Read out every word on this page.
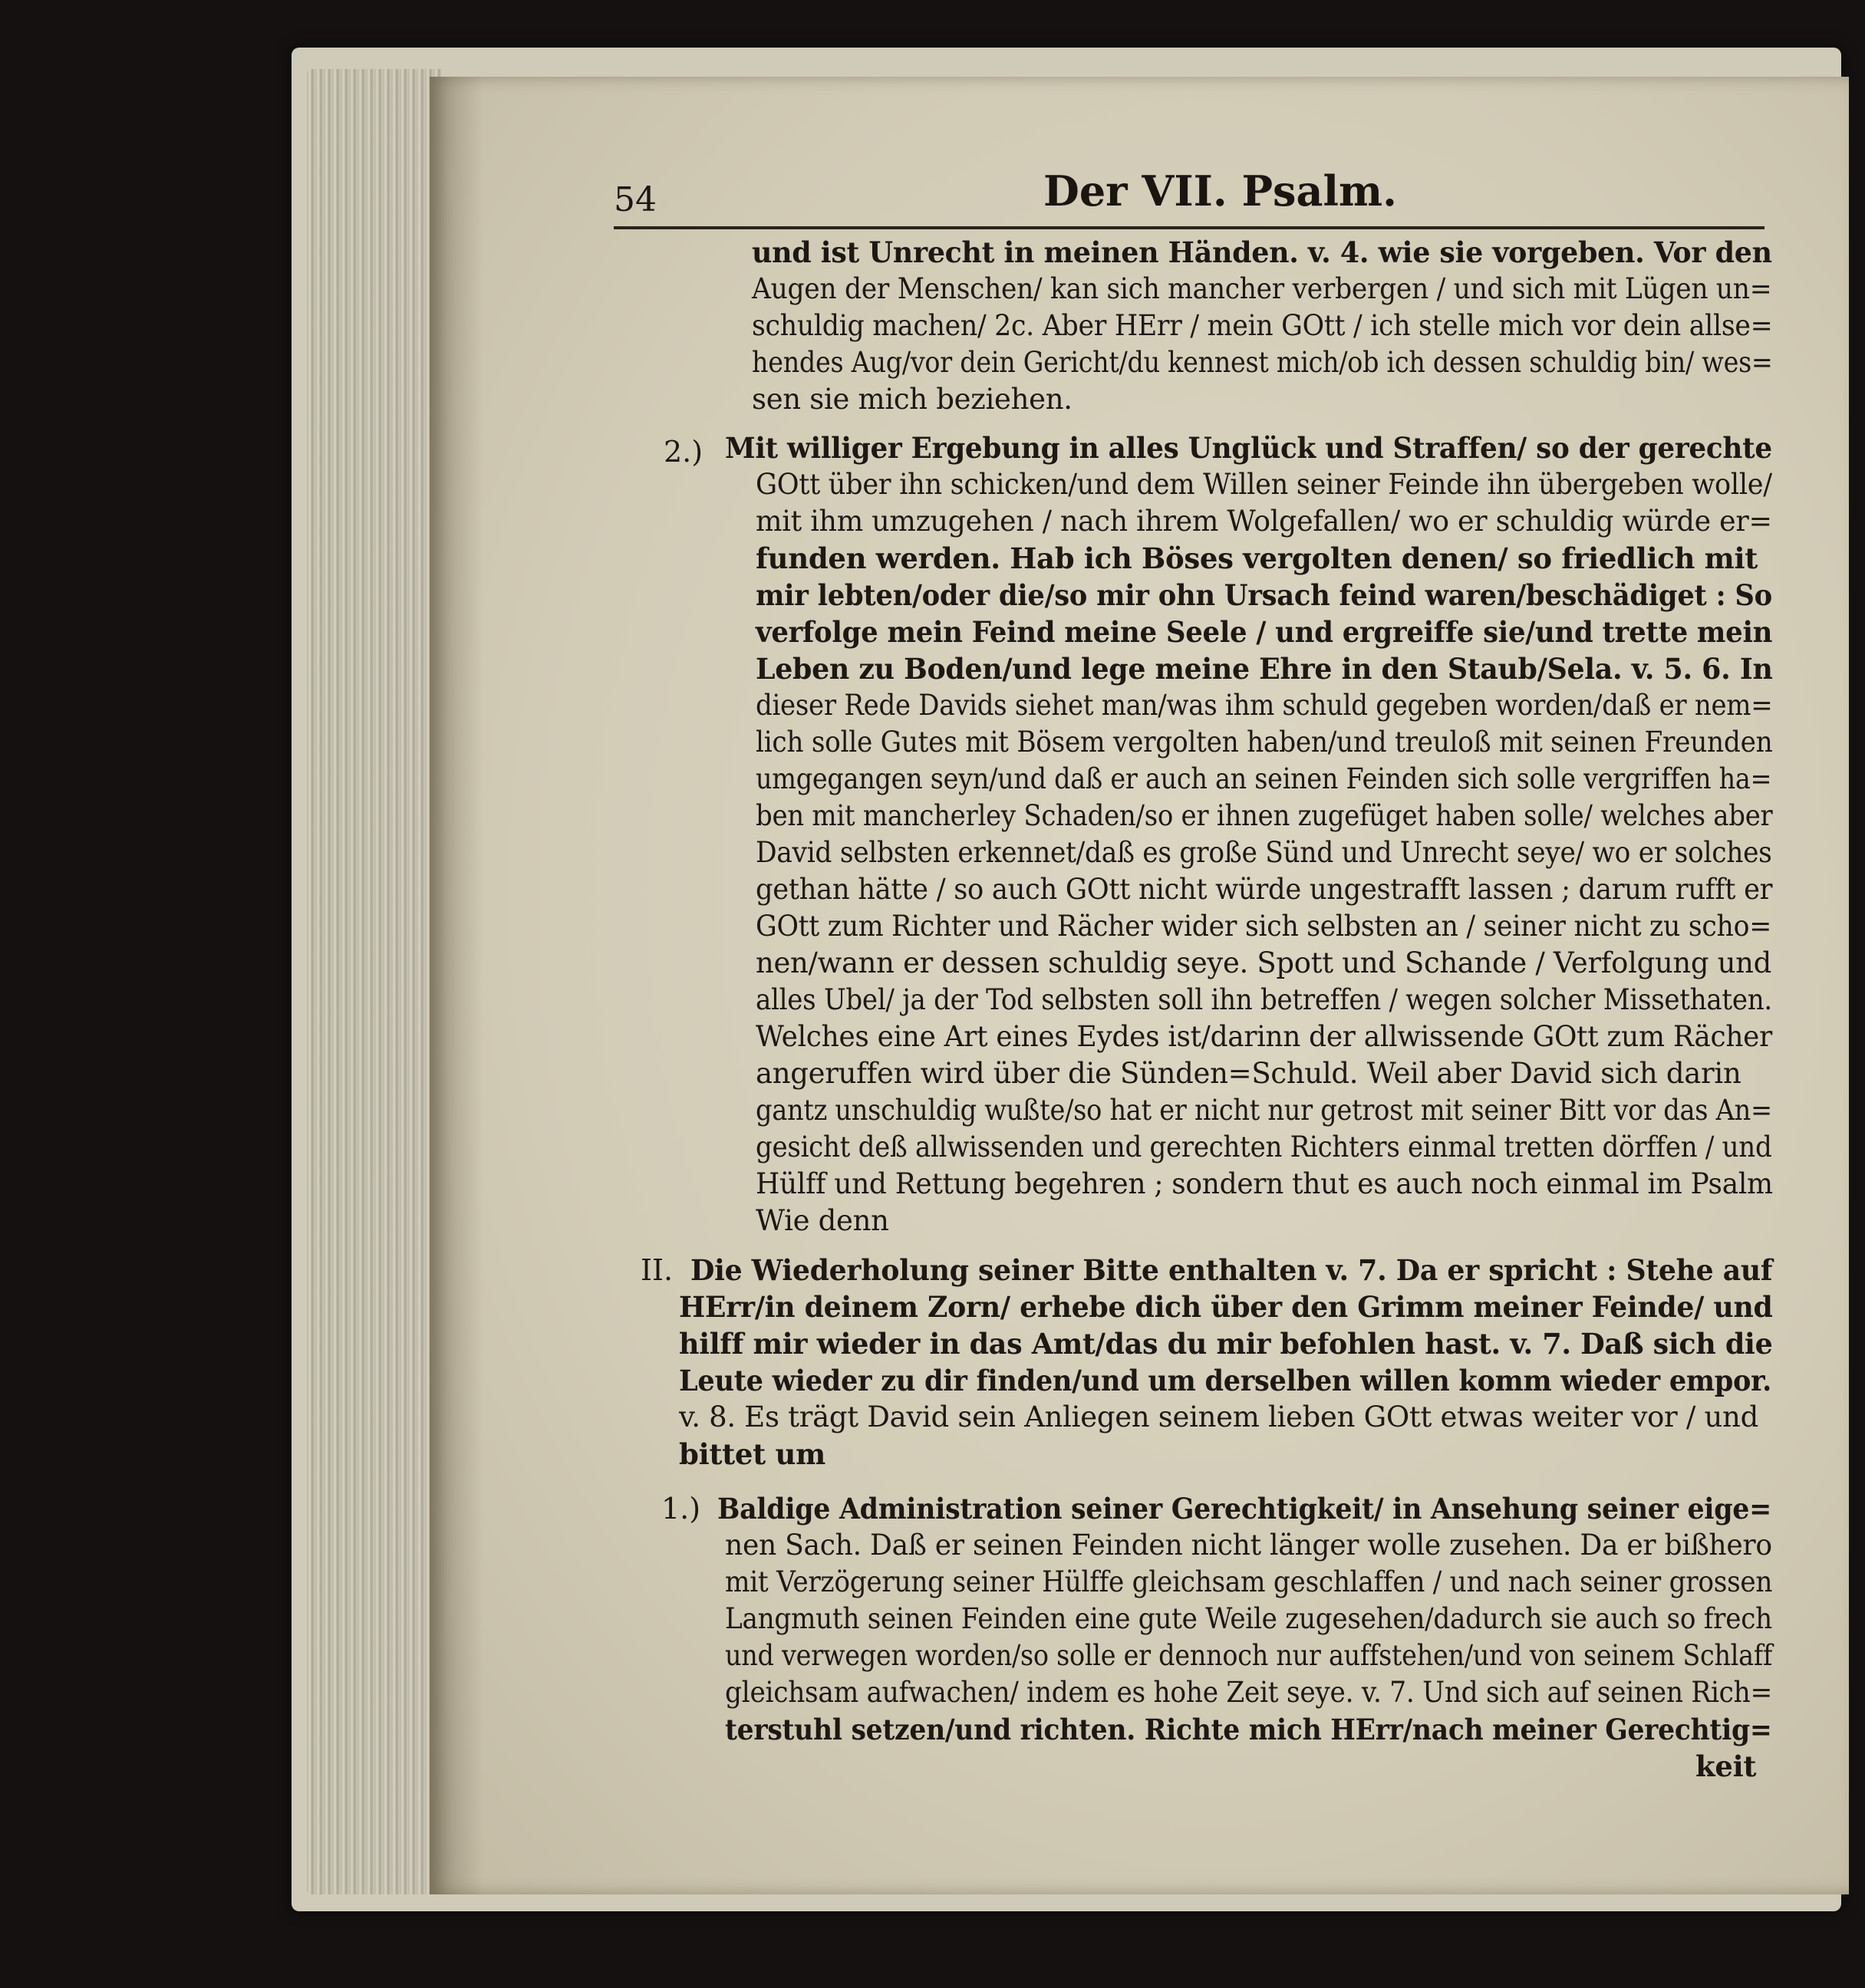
54	Der VII. Psalm.
2.)
II.
1.)
und ist Unrecht in meinen Händen. v. 4. wie sie vorgeben. Vor den
Augen der Menschen/ kan sich mancher verbergen / und sich mit Lügen un=
schuldig machen/ 2c. Aber HErr / mein GOtt / ich stelle mich vor dein allse=
hendes Aug/vor dein Gericht/du kennest mich/ob ich dessen schuldig bin/ wes=
sen sie mich beziehen.
Mit williger Ergebung in alles Unglück und Straffen/ so der gerechte
GOtt über ihn schicken/und dem Willen seiner Feinde ihn übergeben wolle/
mit ihm umzugehen / nach ihrem Wolgefallen/ wo er schuldig würde er=
funden werden. Hab ich Böses vergolten denen/ so friedlich mit
mir lebten/oder die/so mir ohn Ursach feind waren/beschädiget : So
verfolge mein Feind meine Seele / und ergreiffe sie/und trette mein
Leben zu Boden/und lege meine Ehre in den Staub/Sela. v. 5. 6. In
dieser Rede Davids siehet man/was ihm schuld gegeben worden/daß er nem=
lich solle Gutes mit Bösem vergolten haben/und treuloß mit seinen Freunden
umgegangen seyn/und daß er auch an seinen Feinden sich solle vergriffen ha=
ben mit mancherley Schaden/so er ihnen zugefüget haben solle/ welches aber
David selbsten erkennet/daß es große Sünd und Unrecht seye/ wo er solches
gethan hätte / so auch GOtt nicht würde ungestrafft lassen ; darum rufft er
GOtt zum Richter und Rächer wider sich selbsten an / seiner nicht zu scho=
nen/wann er dessen schuldig seye. Spott und Schande / Verfolgung und
alles Ubel/ ja der Tod selbsten soll ihn betreffen / wegen solcher Missethaten.
Welches eine Art eines Eydes ist/darinn der allwissende GOtt zum Rächer
angeruffen wird über die Sünden=Schuld. Weil aber David sich darin
gantz unschuldig wußte/so hat er nicht nur getrost mit seiner Bitt vor das An=
gesicht deß allwissenden und gerechten Richters einmal tretten dörffen / und
Hülff und Rettung begehren ; sondern thut es auch noch einmal im Psalm
Wie denn
Die Wiederholung seiner Bitte enthalten v. 7. Da er spricht : Stehe auf
HErr/in deinem Zorn/ erhebe dich über den Grimm meiner Feinde/ und
hilff mir wieder in das Amt/das du mir befohlen hast. v. 7. Daß sich die
Leute wieder zu dir finden/und um derselben willen komm wieder empor.
v. 8. Es trägt David sein Anliegen seinem lieben GOtt etwas weiter vor / und
bittet um
Baldige Administration seiner Gerechtigkeit/ in Ansehung seiner eige=
nen Sach. Daß er seinen Feinden nicht länger wolle zusehen. Da er bißhero
mit Verzögerung seiner Hülffe gleichsam geschlaffen / und nach seiner grossen
Langmuth seinen Feinden eine gute Weile zugesehen/dadurch sie auch so frech
und verwegen worden/so solle er dennoch nur auffstehen/und von seinem Schlaff
gleichsam aufwachen/ indem es hohe Zeit seye. v. 7. Und sich auf seinen Rich=
terstuhl setzen/und richten. Richte mich HErr/nach meiner Gerechtig=
keit
